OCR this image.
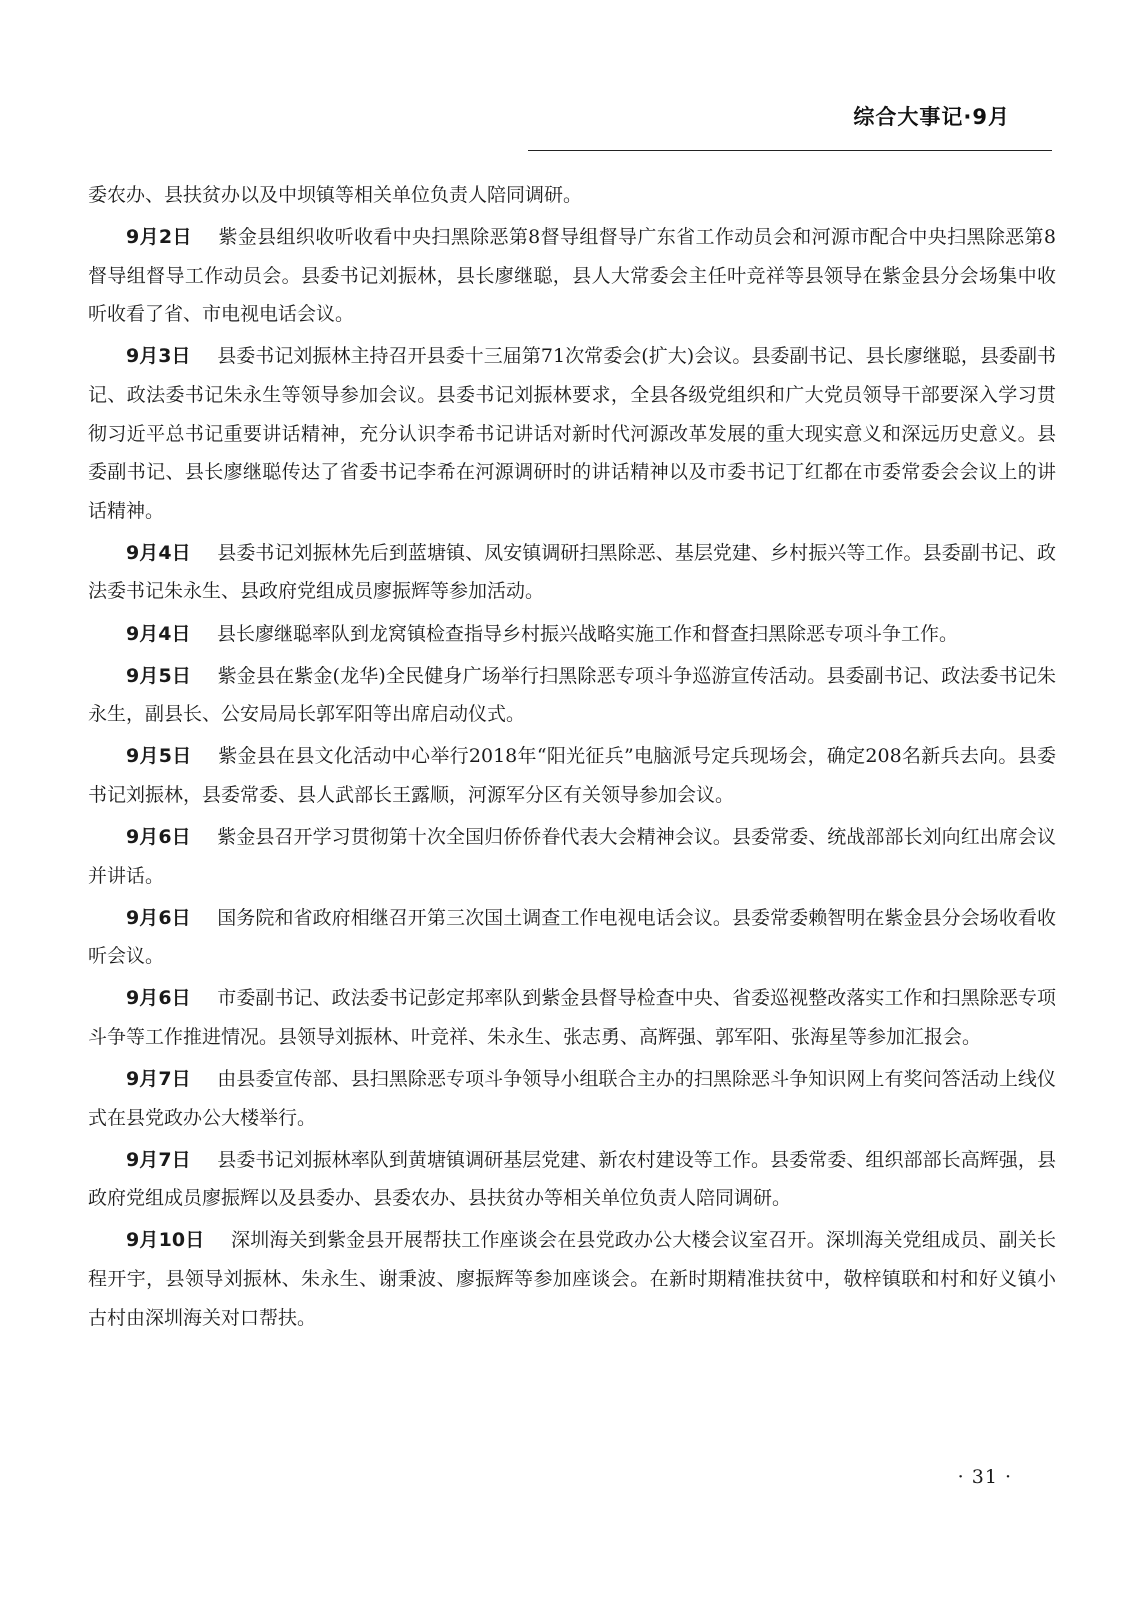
综合大事记·9月

委农办、县扶贫办以及中坝镇等相关单位负责人陪同调研。

9月2日 紫金县组织收听收看中央扫黑除恶第8督导组督导广东省工作动员会和河源市配合中央扫黑除恶第8督导组督导工作动员会。县委书记刘振林，县长廖继聪，县人大常委会主任叶竞祥等县领导在紫金县分会场集中收听收看了省、市电视电话会议。

9月3日 县委书记刘振林主持召开县委十三届第71次常委会(扩大)会议。县委副书记、县长廖继聪，县委副书记、政法委书记朱永生等领导参加会议。县委书记刘振林要求，全县各级党组织和广大党员领导干部要深入学习贯彻习近平总书记重要讲话精神，充分认识李希书记讲话对新时代河源改革发展的重大现实意义和深远历史意义。县委副书记、县长廖继聪传达了省委书记李希在河源调研时的讲话精神以及市委书记丁红都在市委常委会会议上的讲话精神。

9月4日 县委书记刘振林先后到蓝塘镇、凤安镇调研扫黑除恶、基层党建、乡村振兴等工作。县委副书记、政法委书记朱永生、县政府党组成员廖振辉等参加活动。

9月4日 县长廖继聪率队到龙窝镇检查指导乡村振兴战略实施工作和督查扫黑除恶专项斗争工作。

9月5日 紫金县在紫金(龙华)全民健身广场举行扫黑除恶专项斗争巡游宣传活动。县委副书记、政法委书记朱永生，副县长、公安局局长郭军阳等出席启动仪式。

9月5日 紫金县在县文化活动中心举行2018年“阳光征兵”电脑派号定兵现场会，确定208名新兵去向。县委书记刘振林，县委常委、县人武部长王露顺，河源军分区有关领导参加会议。

9月6日 紫金县召开学习贯彻第十次全国归侨侨眷代表大会精神会议。县委常委、统战部部长刘向红出席会议并讲话。

9月6日 国务院和省政府相继召开第三次国土调查工作电视电话会议。县委常委赖智明在紫金县分会场收看收听会议。

9月6日 市委副书记、政法委书记彭定邦率队到紫金县督导检查中央、省委巡视整改落实工作和扫黑除恶专项斗争等工作推进情况。县领导刘振林、叶竞祥、朱永生、张志勇、高辉强、郭军阳、张海星等参加汇报会。

9月7日 由县委宣传部、县扫黑除恶专项斗争领导小组联合主办的扫黑除恶斗争知识网上有奖问答活动上线仪式在县党政办公大楼举行。

9月7日 县委书记刘振林率队到黄塘镇调研基层党建、新农村建设等工作。县委常委、组织部部长高辉强，县政府党组成员廖振辉以及县委办、县委农办、县扶贫办等相关单位负责人陪同调研。

9月10日 深圳海关到紫金县开展帮扶工作座谈会在县党政办公大楼会议室召开。深圳海关党组成员、副关长程开宇，县领导刘振林、朱永生、谢秉波、廖振辉等参加座谈会。在新时期精准扶贫中，敬梓镇联和村和好义镇小古村由深圳海关对口帮扶。

· 31 ·
